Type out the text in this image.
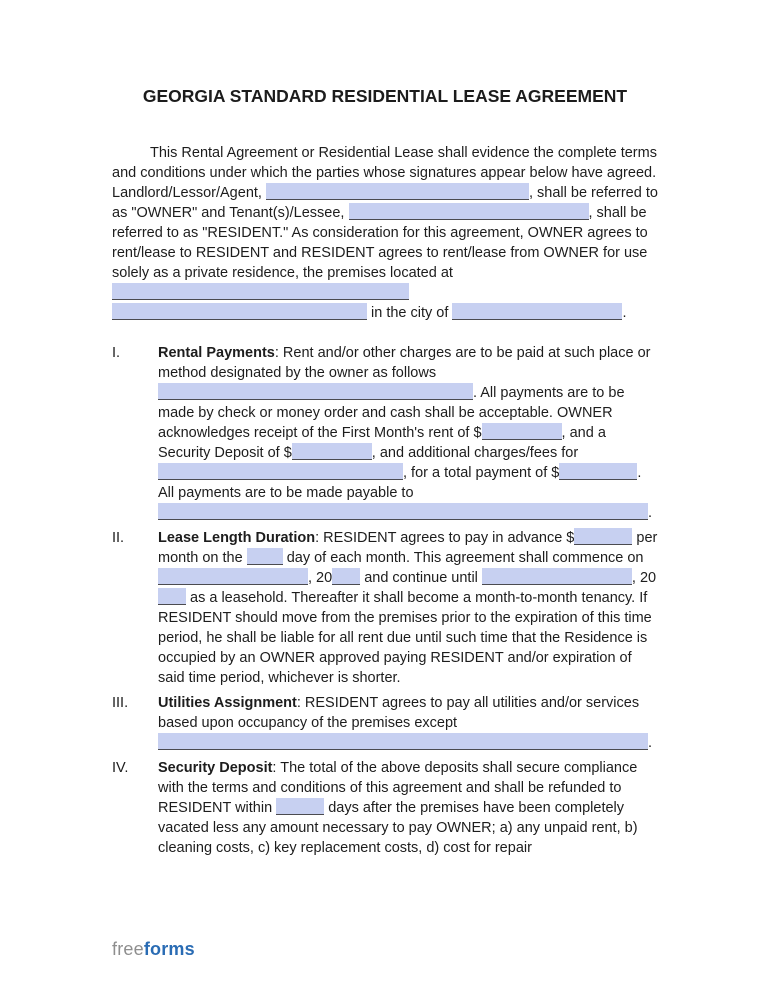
GEORGIA STANDARD RESIDENTIAL LEASE AGREEMENT

This Rental Agreement or Residential Lease shall evidence the complete terms and conditions under which the parties whose signatures appear below have agreed. Landlord/Lessor/Agent,	, shall be referred to as "OWNER" and Tenant(s)/Lessee,	, shall be referred to as "RESIDENT." As consideration for this agreement, OWNER agrees to rent/lease to RESIDENT and RESIDENT agrees to rent/lease from OWNER for use solely as a private residence, the premises located at   in the city of	.

I.	Rental Payments: Rent and/or other charges are to be paid at such place or method designated by the owner as follows . All payments are to be made by check or money order and cash shall be acceptable. OWNER acknowledges receipt of the First Month's rent of $	, and a Security Deposit of $	, and additional charges/fees for , for a total payment of $	. All payments are to be made payable to .
II.	Lease Length Duration: RESIDENT agrees to pay in advance $	per month on the  day of each month. This agreement shall commence on , 20 and continue until	, 20 as a leasehold. Thereafter it shall become a month-to-month tenancy. If RESIDENT should move from the premises prior to the expiration of this time period, he shall be liable for all rent due until such time that the Residence is occupied by an OWNER approved paying RESIDENT and/or expiration of said time period, whichever is shorter.
III.	Utilities Assignment: RESIDENT agrees to pay all utilities and/or services based upon occupancy of the premises except .
IV.	Security Deposit: The total of the above deposits shall secure compliance with the terms and conditions of this agreement and shall be refunded to RESIDENT within	days after the premises have been completely vacated less any amount necessary to pay OWNER; a) any unpaid rent, b) cleaning costs, c) key replacement costs, d) cost for repair
freeforms
